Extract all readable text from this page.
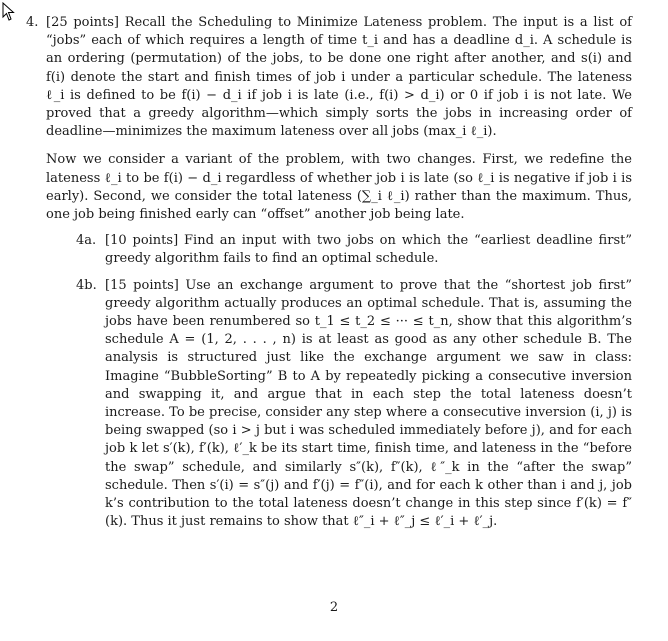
4. [25 points] Recall the Scheduling to Minimize Lateness problem. The input is a list of “jobs” each of which requires a length of time t_i and has a deadline d_i. A schedule is an ordering (permutation) of the jobs, to be done one right after another, and s(i) and f(i) denote the start and finish times of job i under a particular schedule. The lateness ℓ_i is defined to be f(i) − d_i if job i is late (i.e., f(i) > d_i) or 0 if job i is not late. We proved that a greedy algorithm—which simply sorts the jobs in increasing order of deadline—minimizes the maximum lateness over all jobs (max_i ℓ_i).

Now we consider a variant of the problem, with two changes. First, we redefine the lateness ℓ_i to be f(i) − d_i regardless of whether job i is late (so ℓ_i is negative if job i is early). Second, we consider the total lateness (∑_i ℓ_i) rather than the maximum. Thus, one job being finished early can “offset” another job being late.

4a. [10 points] Find an input with two jobs on which the “earliest deadline first” greedy algorithm fails to find an optimal schedule.

4b. [15 points] Use an exchange argument to prove that the “shortest job first” greedy algorithm actually produces an optimal schedule. That is, assuming the jobs have been renumbered so t_1 ≤ t_2 ≤ ··· ≤ t_n, show that this algorithm’s schedule A = (1, 2, . . . , n) is at least as good as any other schedule B. The analysis is structured just like the exchange argument we saw in class: Imagine “BubbleSorting” B to A by repeatedly picking a consecutive inversion and swapping it, and argue that in each step the total lateness doesn’t increase. To be precise, consider any step where a consecutive inversion (i, j) is being swapped (so i > j but i was scheduled immediately before j), and for each job k let s′(k), f′(k), ℓ′_k be its start time, finish time, and lateness in the “before the swap” schedule, and similarly s″(k), f″(k), ℓ″_k in the “after the swap” schedule. Then s′(i) = s″(j) and f′(j) = f″(i), and for each k other than i and j, job k’s contribution to the total lateness doesn’t change in this step since f′(k) = f″(k). Thus it just remains to show that ℓ″_i + ℓ″_j ≤ ℓ′_i + ℓ′_j.

2
